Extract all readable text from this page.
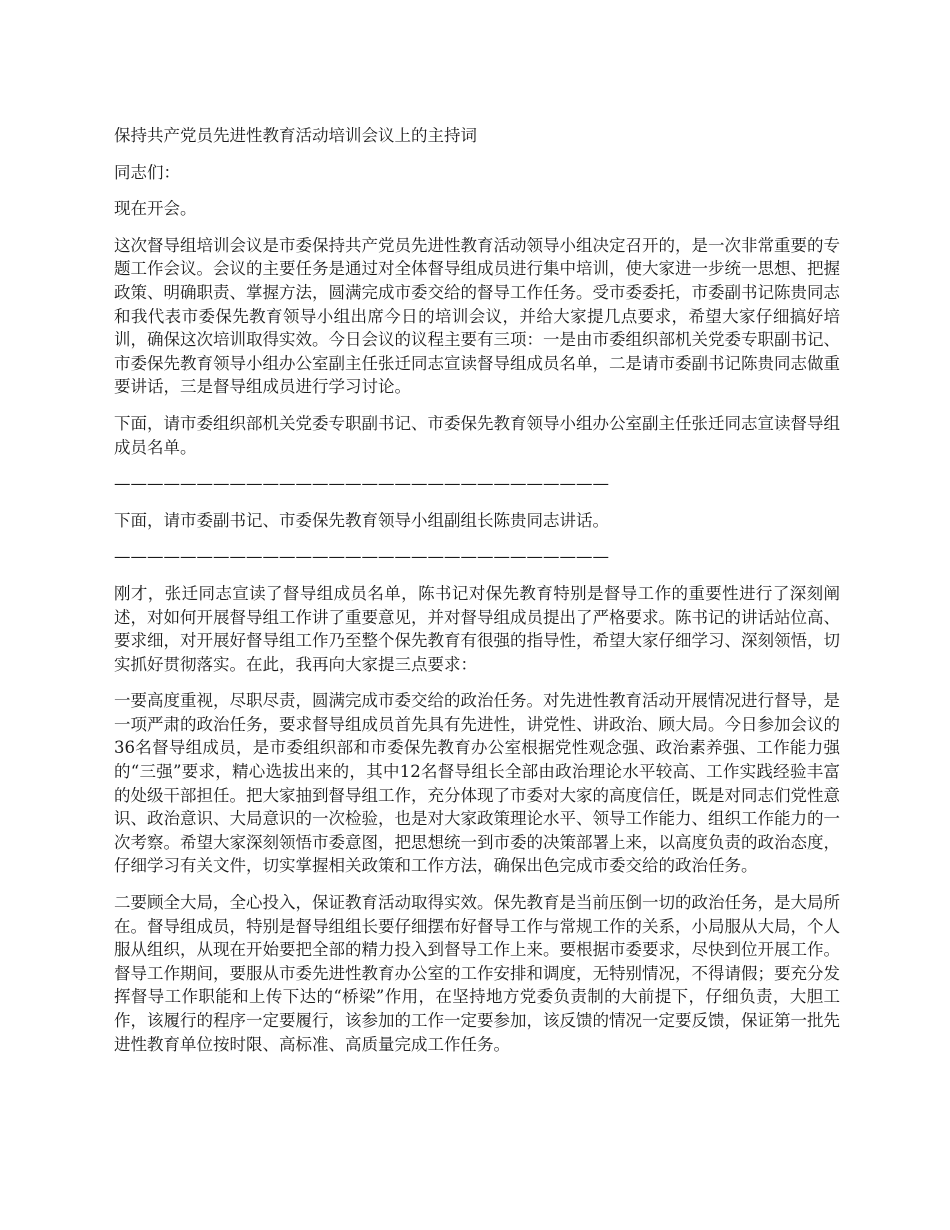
保持共产党员先进性教育活动培训会议上的主持词
同志们：
现在开会。
这次督导组培训会议是市委保持共产党员先进性教育活动领导小组决定召开的，是一次非常重要的专题工作会议。会议的主要任务是通过对全体督导组成员进行集中培训，使大家进一步统一思想、把握政策、明确职责、掌握方法，圆满完成市委交给的督导工作任务。受市委委托，市委副书记陈贵同志和我代表市委保先教育领导小组出席今日的培训会议，并给大家提几点要求，希望大家仔细搞好培训，确保这次培训取得实效。今日会议的议程主要有三项：一是由市委组织部机关党委专职副书记、市委保先教育领导小组办公室副主任张迁同志宣读督导组成员名单，二是请市委副书记陈贵同志做重要讲话，三是督导组成员进行学习讨论。
下面，请市委组织部机关党委专职副书记、市委保先教育领导小组办公室副主任张迁同志宣读督导组成员名单。
——————————————————————————————
下面，请市委副书记、市委保先教育领导小组副组长陈贵同志讲话。
——————————————————————————————
刚才，张迁同志宣读了督导组成员名单，陈书记对保先教育特别是督导工作的重要性进行了深刻阐述，对如何开展督导组工作讲了重要意见，并对督导组成员提出了严格要求。陈书记的讲话站位高、要求细，对开展好督导组工作乃至整个保先教育有很强的指导性，希望大家仔细学习、深刻领悟，切实抓好贯彻落实。在此，我再向大家提三点要求：
一要高度重视，尽职尽责，圆满完成市委交给的政治任务。对先进性教育活动开展情况进行督导，是一项严肃的政治任务，要求督导组成员首先具有先进性，讲党性、讲政治、顾大局。今日参加会议的36名督导组成员，是市委组织部和市委保先教育办公室根据党性观念强、政治素养强、工作能力强的“三强”要求，精心选拔出来的，其中12名督导组长全部由政治理论水平较高、工作实践经验丰富的处级干部担任。把大家抽到督导组工作，充分体现了市委对大家的高度信任，既是对同志们党性意识、政治意识、大局意识的一次检验，也是对大家政策理论水平、领导工作能力、组织工作能力的一次考察。希望大家深刻领悟市委意图，把思想统一到市委的决策部署上来，以高度负责的政治态度，仔细学习有关文件，切实掌握相关政策和工作方法，确保出色完成市委交给的政治任务。
二要顾全大局，全心投入，保证教育活动取得实效。保先教育是当前压倒一切的政治任务，是大局所在。督导组成员，特别是督导组组长要仔细摆布好督导工作与常规工作的关系，小局服从大局，个人服从组织，从现在开始要把全部的精力投入到督导工作上来。要根据市委要求，尽快到位开展工作。督导工作期间，要服从市委先进性教育办公室的工作安排和调度，无特别情况，不得请假；要充分发挥督导工作职能和上传下达的“桥梁”作用，在坚持地方党委负责制的大前提下，仔细负责，大胆工作，该履行的程序一定要履行，该参加的工作一定要参加，该反馈的情况一定要反馈，保证第一批先进性教育单位按时限、高标准、高质量完成工作任务。
